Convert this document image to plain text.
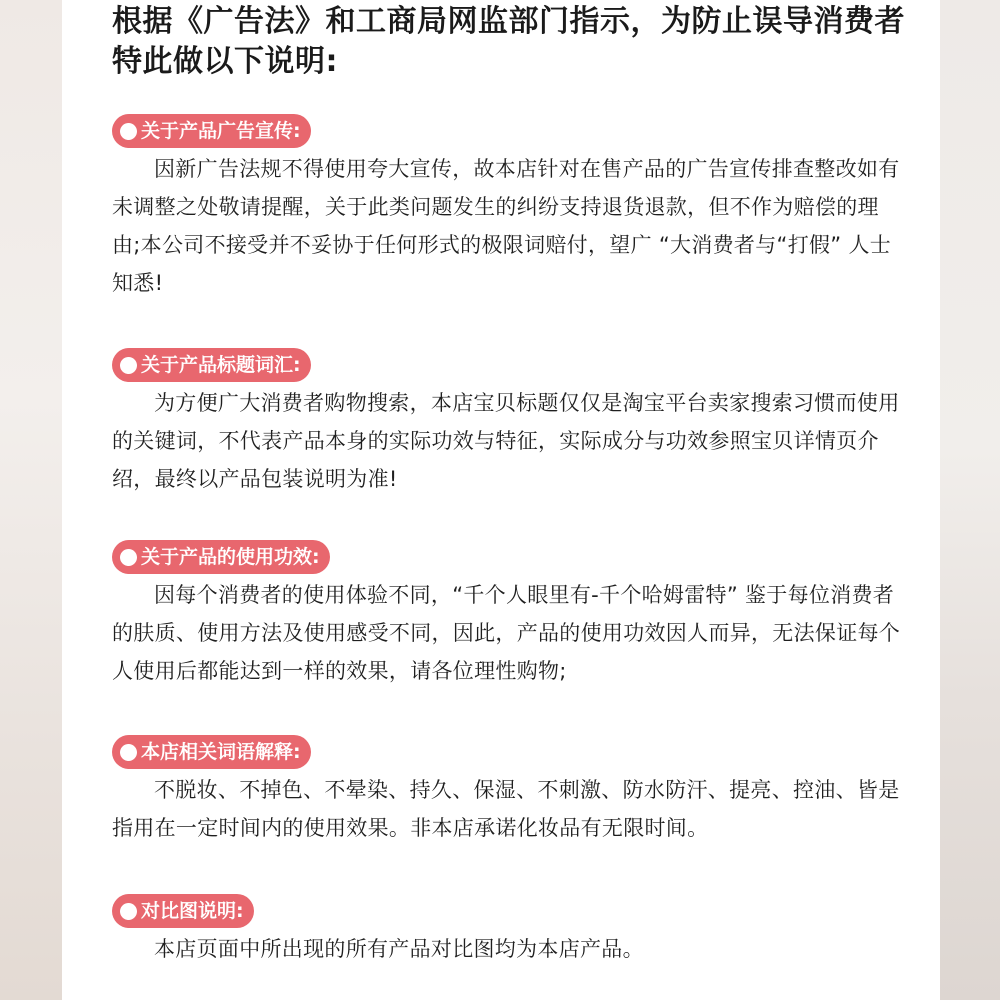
根据《广告法》和工商局网监部门指示，为防止误导消费者特此做以下说明:
关于产品广告宣传:

因新广告法规不得使用夸大宣传，故本店针对在售产品的广告宣传排查整改如有未调整之处敬请提醒，关于此类问题发生的纠纷支持退货退款，但不作为赔偿的理由;本公司不接受并不妥协于任何形式的极限词赔付，望广 “大消费者与“打假” 人士知悉!

关于产品标题词汇:

为方便广大消费者购物搜索，本店宝贝标题仅仅是淘宝平台卖家搜索习惯而使用的关键词，不代表产品本身的实际功效与特征，实际成分与功效参照宝贝详情页介绍，最终以产品包装说明为准!

关于产品的使用功效:

因每个消费者的使用体验不同，“千个人眼里有-千个哈姆雷特” 鉴于每位消费者的肤质、使用方法及使用感受不同，因此，产品的使用功效因人而异，无法保证每个人使用后都能达到一样的效果，请各位理性购物;

本店相关词语解释:

不脱妆、不掉色、不晕染、持久、保湿、不刺激、防水防汗、提亮、控油、皆是指用在一定时间内的使用效果。非本店承诺化妆品有无限时间。

对比图说明:

本店页面中所出现的所有产品对比图均为本店产品。
